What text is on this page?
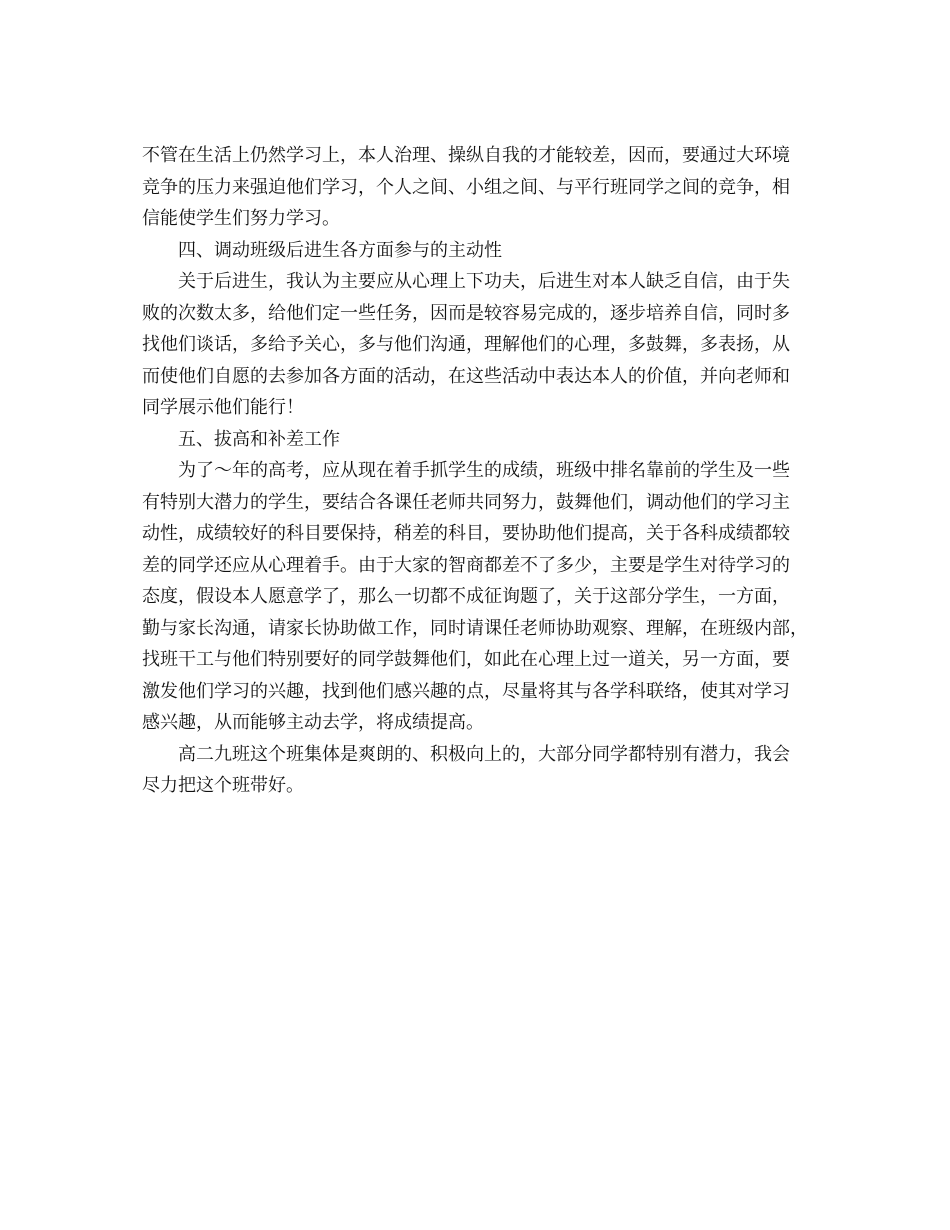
不管在生活上仍然学习上，本人治理、操纵自我的才能较差，因而，要通过大环境
竞争的压力来强迫他们学习，个人之间、小组之间、与平行班同学之间的竞争，相
信能使学生们努力学习。
四、调动班级后进生各方面参与的主动性
关于后进生，我认为主要应从心理上下功夫，后进生对本人缺乏自信，由于失
败的次数太多，给他们定一些任务，因而是较容易完成的，逐步培养自信，同时多
找他们谈话，多给予关心，多与他们沟通，理解他们的心理，多鼓舞，多表扬，从
而使他们自愿的去参加各方面的活动，在这些活动中表达本人的价值，并向老师和
同学展示他们能行！
五、拔高和补差工作
为了～年的高考，应从现在着手抓学生的成绩，班级中排名靠前的学生及一些
有特别大潜力的学生，要结合各课任老师共同努力，鼓舞他们，调动他们的学习主
动性，成绩较好的科目要保持，稍差的科目，要协助他们提高，关于各科成绩都较
差的同学还应从心理着手。由于大家的智商都差不了多少，主要是学生对待学习的
态度，假设本人愿意学了，那么一切都不成征询题了，关于这部分学生，一方面，
勤与家长沟通，请家长协助做工作，同时请课任老师协助观察、理解，在班级内部，
找班干工与他们特别要好的同学鼓舞他们，如此在心理上过一道关，另一方面，要
激发他们学习的兴趣，找到他们感兴趣的点，尽量将其与各学科联络，使其对学习
感兴趣，从而能够主动去学，将成绩提高。
高二九班这个班集体是爽朗的、积极向上的，大部分同学都特别有潜力，我会
尽力把这个班带好。
